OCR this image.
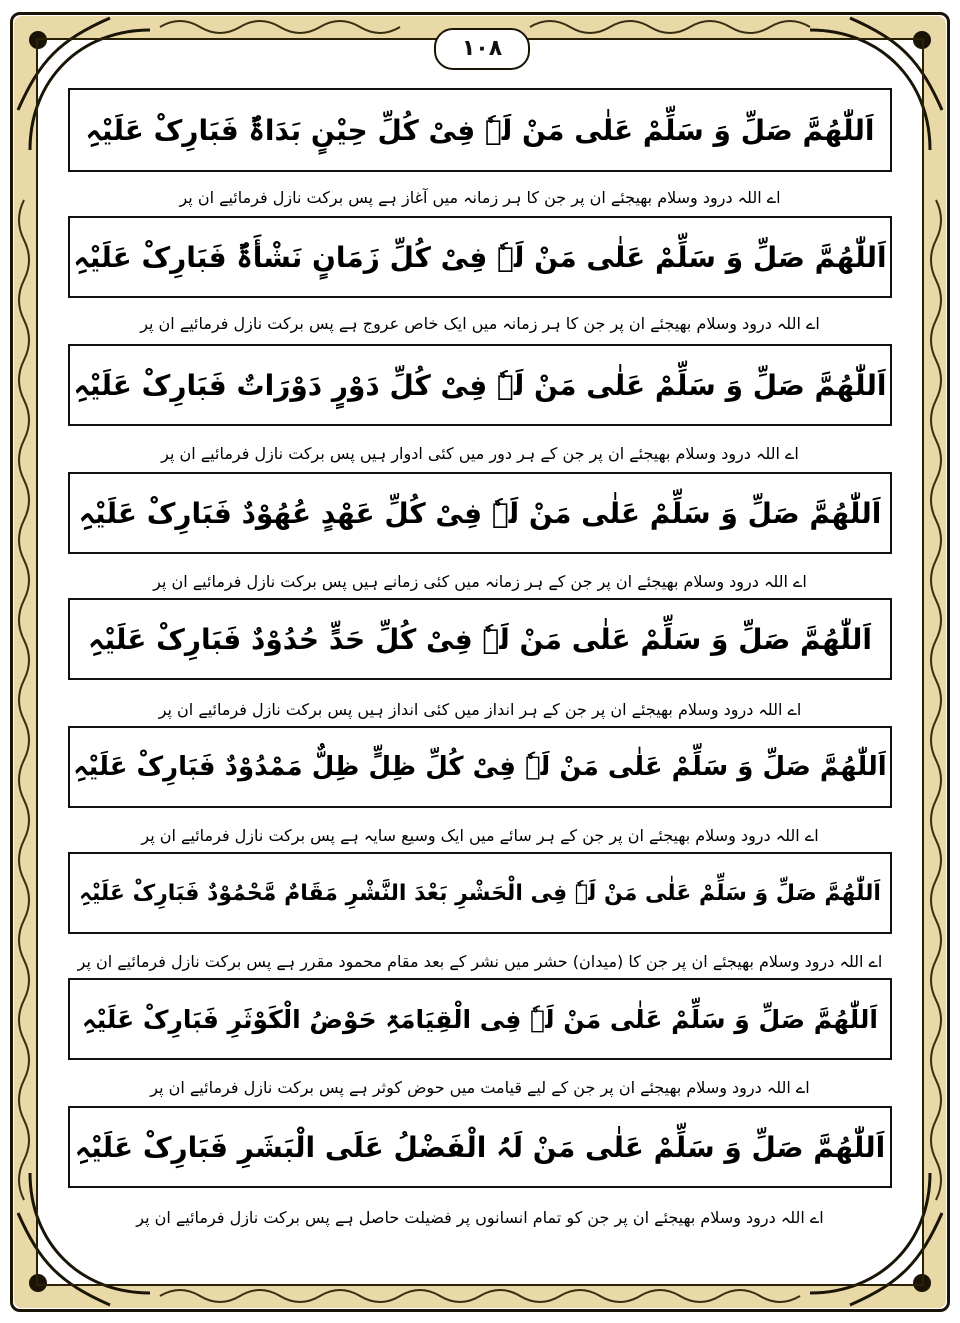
۱۰۸
اَللّٰھُمَّ صَلِّ وَ سَلِّمْ عَلٰی مَنْ لَہٗ فِیْ کُلِّ حِیْنٍ بَدَاۃٌ فَبَارِکْ عَلَیْہِ
اے اللہ درود وسلام بھیجئے ان پر جن کا ہر زمانہ میں آغاز ہے پس برکت نازل فرمائیے ان پر
اَللّٰھُمَّ صَلِّ وَ سَلِّمْ عَلٰی مَنْ لَہٗ فِیْ کُلِّ زَمَانٍ نَشْأَۃٌ فَبَارِکْ عَلَیْہِ
اے اللہ درود وسلام بھیجئے ان پر جن کا ہر زمانہ میں ایک خاص عروج ہے پس برکت نازل فرمائیے ان پر
اَللّٰھُمَّ صَلِّ وَ سَلِّمْ عَلٰی مَنْ لَہٗ فِیْ کُلِّ دَوْرٍ دَوْرَاتٌ فَبَارِکْ عَلَیْہِ
اے اللہ درود وسلام بھیجئے ان پر جن کے ہر دور میں کئی ادوار ہیں پس برکت نازل فرمائیے ان پر
اَللّٰھُمَّ صَلِّ وَ سَلِّمْ عَلٰی مَنْ لَہٗ فِیْ کُلِّ عَھْدٍ عُھُوْدٌ فَبَارِکْ عَلَیْہِ
اے اللہ درود وسلام بھیجئے ان پر جن کے ہر زمانہ میں کئی زمانے ہیں پس برکت نازل فرمائیے ان پر
اَللّٰھُمَّ صَلِّ وَ سَلِّمْ عَلٰی مَنْ لَہٗ فِیْ کُلِّ حَدٍّ حُدُوْدٌ فَبَارِکْ عَلَیْہِ
اے اللہ درود وسلام بھیجئے ان پر جن کے ہر انداز میں کئی انداز ہیں پس برکت نازل فرمائیے ان پر
اَللّٰھُمَّ صَلِّ وَ سَلِّمْ عَلٰی مَنْ لَہٗ فِیْ کُلِّ ظِلٍّ ظِلٌّ مَمْدُوْدٌ فَبَارِکْ عَلَیْہِ
اے اللہ درود وسلام بھیجئے ان پر جن کے ہر سائے میں ایک وسیع سایہ ہے پس برکت نازل فرمائیے ان پر
اَللّٰھُمَّ صَلِّ وَ سَلِّمْ عَلٰی مَنْ لَہٗ فِی الْحَشْرِ بَعْدَ النَّشْرِ مَقَامٌ مَّحْمُوْدٌ فَبَارِکْ عَلَیْہِ
اے اللہ درود وسلام بھیجئے ان پر جن کا (میدان) حشر میں نشر کے بعد مقام محمود مقرر ہے پس برکت نازل فرمائیے ان پر
اَللّٰھُمَّ صَلِّ وَ سَلِّمْ عَلٰی مَنْ لَہٗ فِی الْقِیَامَۃِ حَوْضُ الْکَوْثَرِ فَبَارِکْ عَلَیْہِ
اے اللہ درود وسلام بھیجئے ان پر جن کے لیے قیامت میں حوض کوثر ہے پس برکت نازل فرمائیے ان پر
اَللّٰھُمَّ صَلِّ وَ سَلِّمْ عَلٰی مَنْ لَہُ الْفَضْلُ عَلَی الْبَشَرِ فَبَارِکْ عَلَیْہِ
اے اللہ درود وسلام بھیجئے ان پر جن کو تمام انسانوں پر فضیلت حاصل ہے پس برکت نازل فرمائیے ان پر
